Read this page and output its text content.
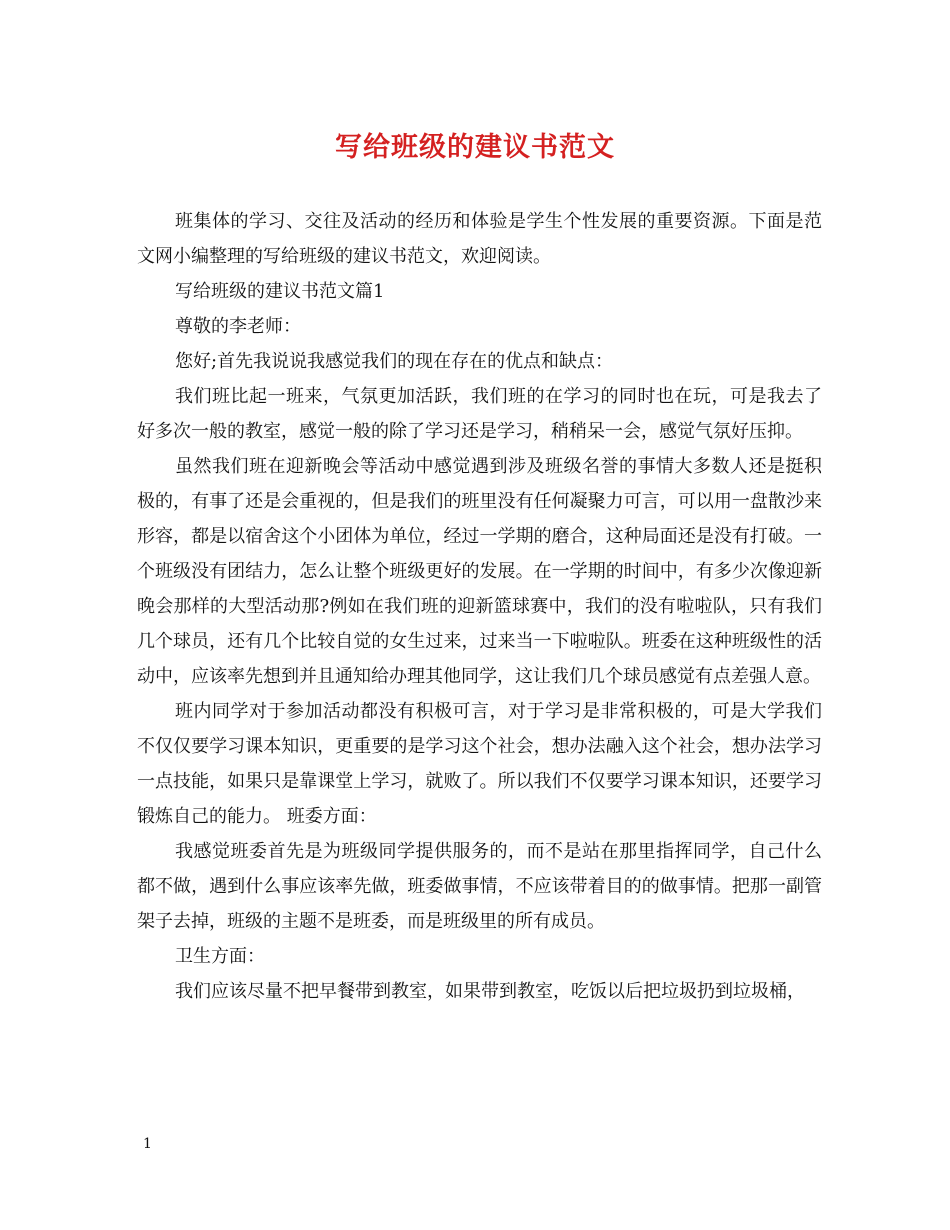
写给班级的建议书范文

班集体的学习、交往及活动的经历和体验是学生个性发展的重要资源。下面是范文网小编整理的写给班级的建议书范文，欢迎阅读。

写给班级的建议书范文篇1

尊敬的李老师：

您好;首先我说说我感觉我们的现在存在的优点和缺点：

我们班比起一班来，气氛更加活跃，我们班的在学习的同时也在玩，可是我去了好多次一般的教室，感觉一般的除了学习还是学习，稍稍呆一会，感觉气氛好压抑。

虽然我们班在迎新晚会等活动中感觉遇到涉及班级名誉的事情大多数人还是挺积极的，有事了还是会重视的，但是我们的班里没有任何凝聚力可言，可以用一盘散沙来形容，都是以宿舍这个小团体为单位，经过一学期的磨合，这种局面还是没有打破。一个班级没有团结力，怎么让整个班级更好的发展。在一学期的时间中，有多少次像迎新晚会那样的大型活动那?例如在我们班的迎新篮球赛中，我们的没有啦啦队，只有我们几个球员，还有几个比较自觉的女生过来，过来当一下啦啦队。班委在这种班级性的活动中，应该率先想到并且通知给办理其他同学，这让我们几个球员感觉有点差强人意。

班内同学对于参加活动都没有积极可言，对于学习是非常积极的，可是大学我们不仅仅要学习课本知识，更重要的是学习这个社会，想办法融入这个社会，想办法学习一点技能，如果只是靠课堂上学习，就败了。所以我们不仅要学习课本知识，还要学习锻炼自己的能力。 班委方面：

我感觉班委首先是为班级同学提供服务的，而不是站在那里指挥同学，自己什么都不做，遇到什么事应该率先做，班委做事情，不应该带着目的的做事情。把那一副管架子去掉，班级的主题不是班委，而是班级里的所有成员。

卫生方面：

我们应该尽量不把早餐带到教室，如果带到教室，吃饭以后把垃圾扔到垃圾桶，

1
